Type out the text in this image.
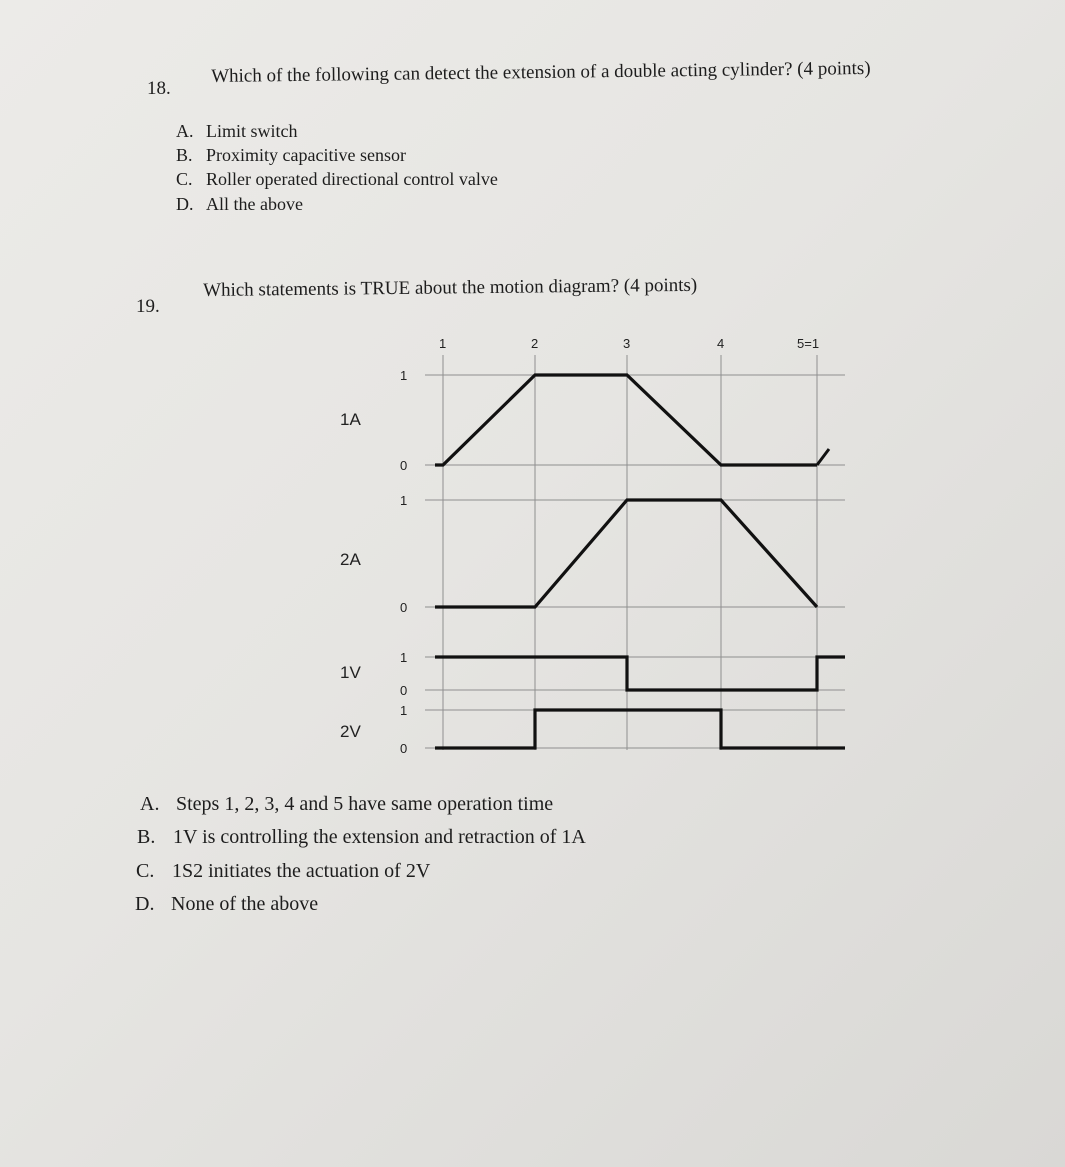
18.
Which of the following can detect the extension of a double acting cylinder? (4 points)
A. Limit switch
B. Proximity capacitive sensor
C. Roller operated directional control valve
D. All the above
19.
Which statements is TRUE about the motion diagram? (4 points)
1	2	3	4	5=1
1A
1
0
2A
1
0
1V
1
0
2V
1
0
A. Steps 1, 2, 3, 4 and 5 have same operation time
B. 1V is controlling the extension and retraction of 1A
C. 1S2 initiates the actuation of 2V
D. None of the above
